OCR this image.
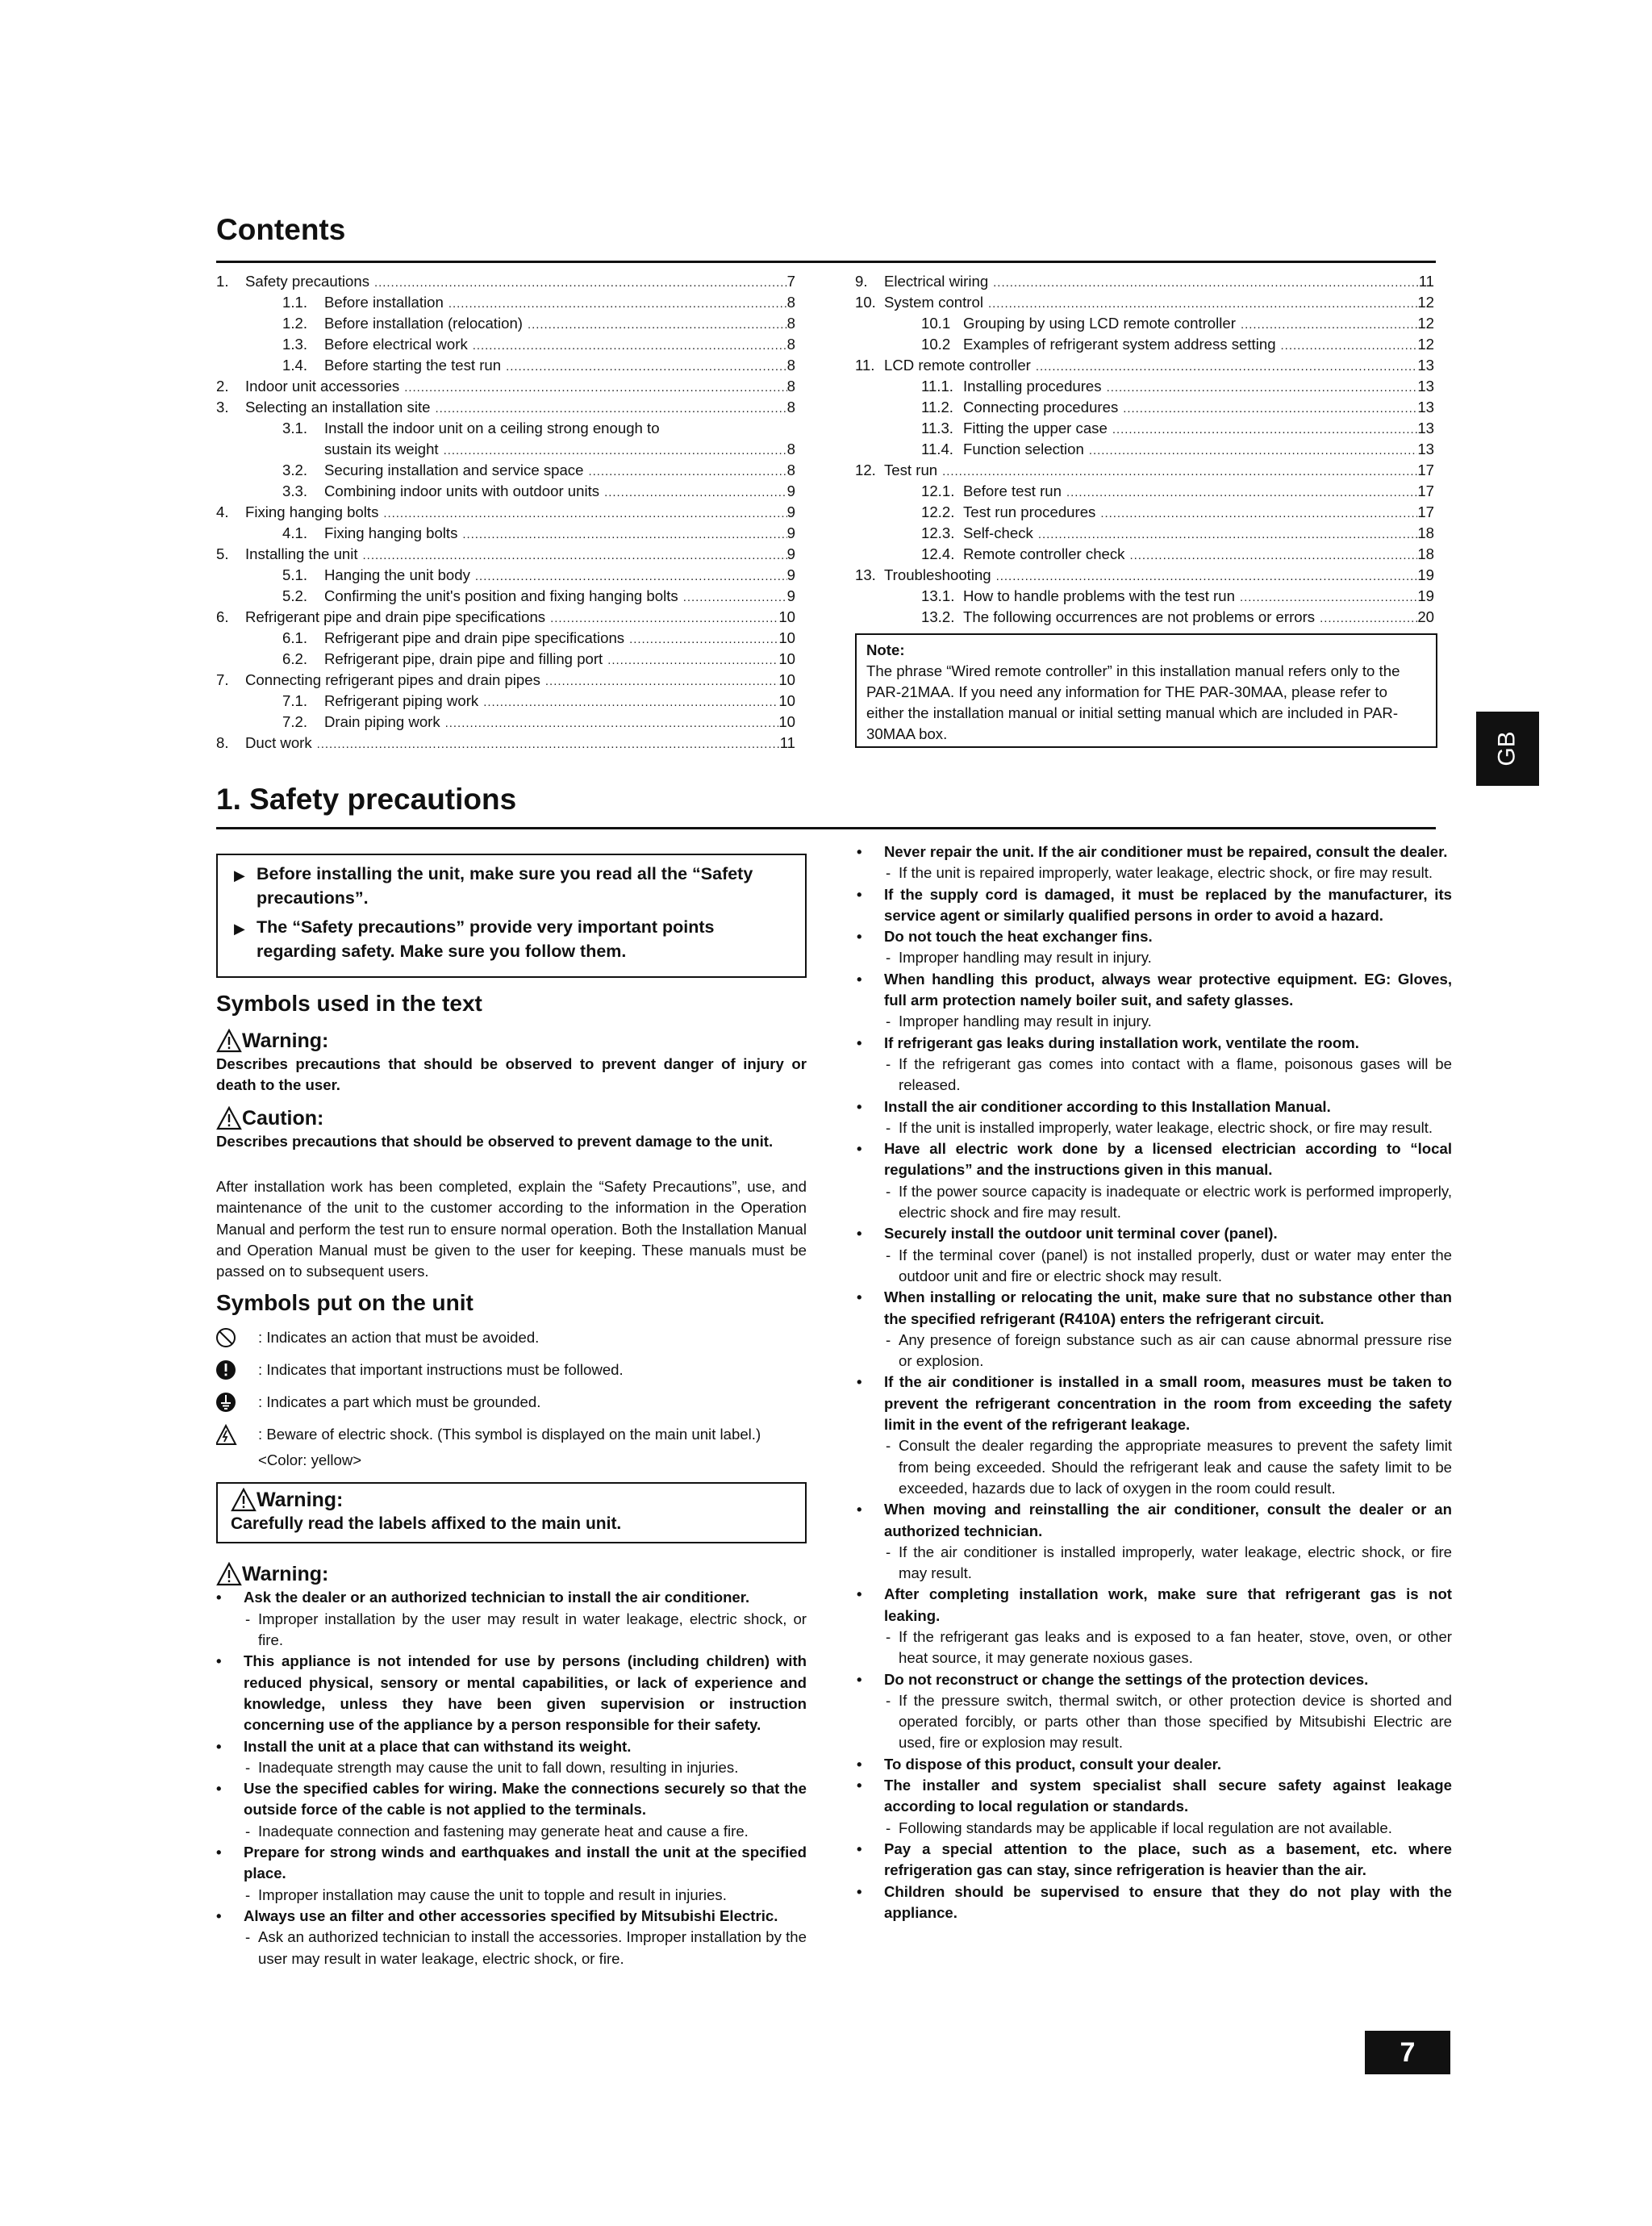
Contents
1.	Safety precautions . . .	7
1.1.	Before installation . . .	8
1.2.	Before installation (relocation) . . .	8
1.3.	Before electrical work . . .	8
1.4.	Before starting the test run . . .	8
2.	Indoor unit accessories . . .	8
3.	Selecting an installation site . . .	8
3.1.	Install the indoor unit on a ceiling strong enough to
sustain its weight . . .	8
3.2.	Securing installation and service space . . .	8
3.3.	Combining indoor units with outdoor units . . .	9
4.	Fixing hanging bolts . . .	9
4.1.	Fixing hanging bolts . . .	9
5.	Installing the unit . . .	9
5.1.	Hanging the unit body . . .	9
5.2.	Confirming the unit's position and fixing hanging bolts . . .	9
6.	Refrigerant pipe and drain pipe specifications . . .	10
6.1.	Refrigerant pipe and drain pipe specifications . . .	10
6.2.	Refrigerant pipe, drain pipe and filling port . . .	10
7.	Connecting refrigerant pipes and drain pipes . . .	10
7.1.	Refrigerant piping work . . .	10
7.2.	Drain piping work . . .	10
8.	Duct work . . .	11
9.	Electrical wiring . . .	11
10. System control . . .	12
10.1 Grouping by using LCD remote controller . . .	12
10.2 Examples of refrigerant system address setting . . .	12
11. LCD remote controller . . .	13
11.1. Installing procedures . . .	13
11.2. Connecting procedures . . .	13
11.3. Fitting the upper case . . .	13
11.4. Function selection . . .	13
12. Test run . . .	17
12.1. Before test run . . .	17
12.2. Test run procedures . . .	17
12.3. Self-check . . .	18
12.4. Remote controller check . . .	18
13. Troubleshooting . . .	19
13.1. How to handle problems with the test run . . .	19
13.2. The following occurrences are not problems or errors . . .	20
Note:
The phrase “Wired remote controller” in this installation manual refers only to the PAR-21MAA. If you need any information for THE PAR-30MAA, please refer to either the installation manual or initial setting manual which are included in PAR-30MAA box.	GB
1. Safety precautions
▶ Before installing the unit, make sure you read all the “Safety precautions”.
▶ The “Safety precautions” provide very important points regarding safety. Make sure you follow them.
Symbols used in the text
Warning:
Describes precautions that should be observed to prevent danger of injury or death to the user.
Caution:
Describes precautions that should be observed to prevent damage to the unit.

After installation work has been completed, explain the “Safety Precautions”, use, and maintenance of the unit to the customer according to the information in the Operation Manual and perform the test run to ensure normal operation. Both the Installation Manual and Operation Manual must be given to the user for keeping. These manuals must be passed on to subsequent users.

Symbols put on the unit
: Indicates an action that must be avoided.
: Indicates that important instructions must be followed.
: Indicates a part which must be grounded.
: Beware of electric shock. (This symbol is displayed on the main unit label.)
<Color: yellow>
Warning:
Carefully read the labels affixed to the main unit.
Warning:
• Ask the dealer or an authorized technician to install the air conditioner.
- Improper installation by the user may result in water leakage, electric shock, or fire.
• This appliance is not intended for use by persons (including children) with reduced physical, sensory or mental capabilities, or lack of experience and knowledge, unless they have been given supervision or instruction concerning use of the appliance by a person responsible for their safety.
• Install the unit at a place that can withstand its weight.
- Inadequate strength may cause the unit to fall down, resulting in injuries.
• Use the specified cables for wiring. Make the connections securely so that the outside force of the cable is not applied to the terminals.
- Inadequate connection and fastening may generate heat and cause a fire.
• Prepare for strong winds and earthquakes and install the unit at the specified place.
- Improper installation may cause the unit to topple and result in injuries.
• Always use an filter and other accessories specified by Mitsubishi Electric.
- Ask an authorized technician to install the accessories. Improper installation by the user may result in water leakage, electric shock, or fire.
• Never repair the unit. If the air conditioner must be repaired, consult the dealer.
- If the unit is repaired improperly, water leakage, electric shock, or fire may result.
• If the supply cord is damaged, it must be replaced by the manufacturer, its service agent or similarly qualified persons in order to avoid a hazard.
• Do not touch the heat exchanger fins.
- Improper handling may result in injury.
• When handling this product, always wear protective equipment. EG: Gloves, full arm protection namely boiler suit, and safety glasses.
- Improper handling may result in injury.
• If refrigerant gas leaks during installation work, ventilate the room.
- If the refrigerant gas comes into contact with a flame, poisonous gases will be released.
• Install the air conditioner according to this Installation Manual.
- If the unit is installed improperly, water leakage, electric shock, or fire may result.
• Have all electric work done by a licensed electrician according to “local regulations” and the instructions given in this manual.
- If the power source capacity is inadequate or electric work is performed improperly, electric shock and fire may result.
• Securely install the outdoor unit terminal cover (panel).
- If the terminal cover (panel) is not installed properly, dust or water may enter the outdoor unit and fire or electric shock may result.
• When installing or relocating the unit, make sure that no substance other than the specified refrigerant (R410A) enters the refrigerant circuit.
- Any presence of foreign substance such as air can cause abnormal pressure rise or explosion.
• If the air conditioner is installed in a small room, measures must be taken to prevent the refrigerant concentration in the room from exceeding the safety limit in the event of the refrigerant leakage.
- Consult the dealer regarding the appropriate measures to prevent the safety limit from being exceeded. Should the refrigerant leak and cause the safety limit to be exceeded, hazards due to lack of oxygen in the room could result.
• When moving and reinstalling the air conditioner, consult the dealer or an authorized technician.
- If the air conditioner is installed improperly, water leakage, electric shock, or fire may result.
• After completing installation work, make sure that refrigerant gas is not leaking.
- If the refrigerant gas leaks and is exposed to a fan heater, stove, oven, or other heat source, it may generate noxious gases.
• Do not reconstruct or change the settings of the protection devices.
- If the pressure switch, thermal switch, or other protection device is shorted and operated forcibly, or parts other than those specified by Mitsubishi Electric are used, fire or explosion may result.
• To dispose of this product, consult your dealer.
• The installer and system specialist shall secure safety against leakage according to local regulation or standards.
- Following standards may be applicable if local regulation are not available.
• Pay a special attention to the place, such as a basement, etc. where refrigeration gas can stay, since refrigeration is heavier than the air.
• Children should be supervised to ensure that they do not play with the appliance.
7
